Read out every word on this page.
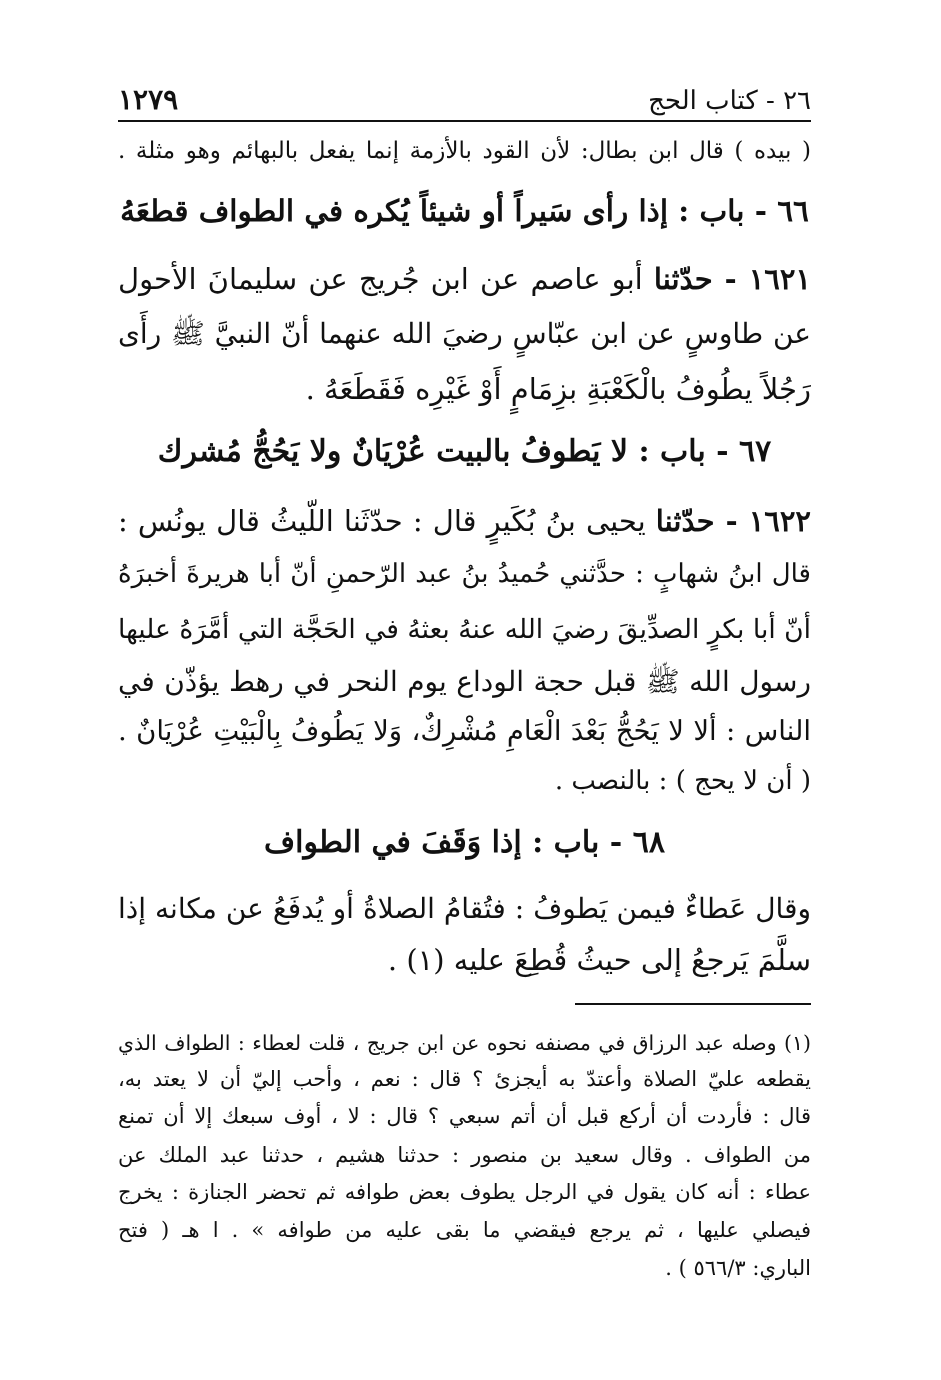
٢٦ - كتاب الحج
١٢٧٩
( بيده ) قال ابن بطال: لأن القود بالأزمة إنما يفعل بالبهائم وهو مثلة .
٦٦ - باب : إذا رأى سَيراً أو شيئاً يُكره في الطواف قطعَهُ
١٦٢١ - حدّثنا أبو عاصم عن ابن جُريج عن سليمانَ الأحول
عن طاوسٍ عن ابن عبّاسٍ رضيَ الله عنهما أنّ النبيَّ ﷺ رأَى
رَجُلاً يطُوفُ بالْكَعْبَةِ بزِمَامٍ أَوْ غَيْرِه فَقَطَعَهُ .
٦٧ - باب : لا يَطوفُ بالبيت عُرْيَانٌ ولا يَحُجُّ مُشرك
١٦٢٢ - حدّثنا يحيى بنُ بُكَيرٍ قال : حدّثَنا اللّيثُ قال يونُس :
قال ابنُ شهابٍ : حدَّثني حُميدُ بنُ عبد الرّحمنِ أنّ أبا هريرةَ أخبرَهُ
أنّ أبا بكرٍ الصدِّيقَ رضيَ الله عنهُ بعثهُ في الحَجَّة التي أمَّرَهُ عليها
رسول الله ﷺ قبل حجة الوداع يوم النحر في رهط يؤذّن في
الناس : ألا لا يَحُجُّ بَعْدَ الْعَامِ مُشْرِكٌ، وَلا يَطُوفُ بِالْبَيْتِ عُرْيَانٌ .
( أن لا يحج ) : بالنصب .
٦٨ - باب : إذا وَقَفَ في الطواف
وقال عَطاءٌ فيمن يَطوفُ : فتُقامُ الصلاةُ أو يُدفَعُ عن مكانه إذا
سلَّمَ يَرجعُ إلى حيثُ قُطِعَ عليه (١) .
(١) وصله عبد الرزاق في مصنفه نحوه عن ابن جريج ، قلت لعطاء : الطواف الذي
يقطعه عليّ الصلاة وأعتدّ به أيجزئ ؟ قال : نعم ، وأحب إليّ أن لا يعتد به،
قال : فأردت أن أركع قبل أن أتم سبعي ؟ قال : لا ، أوف سبعك إلا أن تمنع
من الطواف . وقال سعيد بن منصور : حدثنا هشيم ، حدثنا عبد الملك عن
عطاء : أنه كان يقول في الرجل يطوف بعض طوافه ثم تحضر الجنازة : يخرج
فيصلي عليها ، ثم يرجع فيقضي ما بقى عليه من طوافه » . ا هـ ( فتح
الباري: ٥٦٦/٣ ) .
